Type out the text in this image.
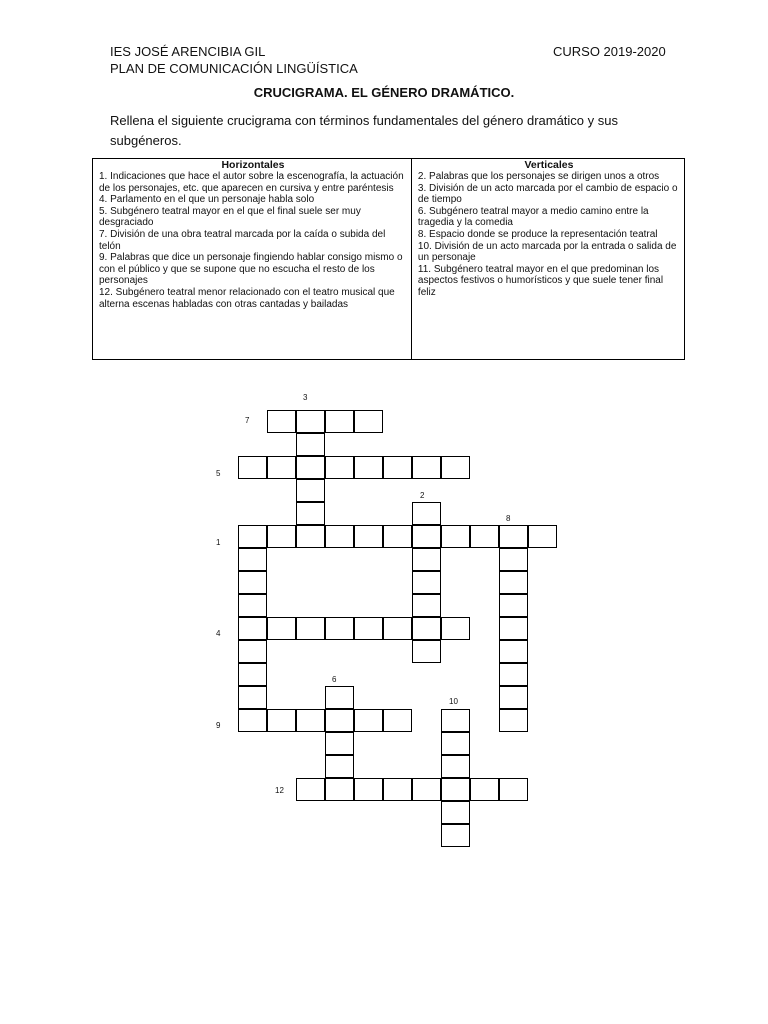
IES JOSÉ ARENCIBIA GIL
PLAN DE COMUNICACIÓN LINGÜÍSTICA
CURSO 2019-2020
CRUCIGRAMA. EL GÉNERO DRAMÁTICO.
Rellena el siguiente crucigrama con términos fundamentales del género dramático y sus subgéneros.
Horizontales

1. Indicaciones que hace el autor sobre la escenografía, la actuación de los personajes, etc. que aparecen en cursiva y entre paréntesis

4. Parlamento en el que un personaje habla solo

5. Subgénero teatral mayor en el que el final suele ser muy desgraciado

7. División de una obra teatral marcada por la caída o subida del telón

9. Palabras que dice un personaje fingiendo hablar consigo mismo o con el público y que se supone que no escucha el resto de los personajes

12. Subgénero teatral menor relacionado con el teatro musical que alterna escenas habladas con otras cantadas y bailadas

Verticales

2. Palabras que los personajes se dirigen unos a otros

3. División de un acto marcada por el cambio de espacio o de tiempo

6. Subgénero teatral mayor a medio camino entre la tragedia y la comedia

8. Espacio donde se produce la representación teatral

10. División de un acto marcada por la entrada o salida de un personaje

11. Subgénero teatral mayor en el que predominan los aspectos festivos o humorísticos y que suele tener final feliz

1
2
3
4
5
6
7
8
9
10
12
